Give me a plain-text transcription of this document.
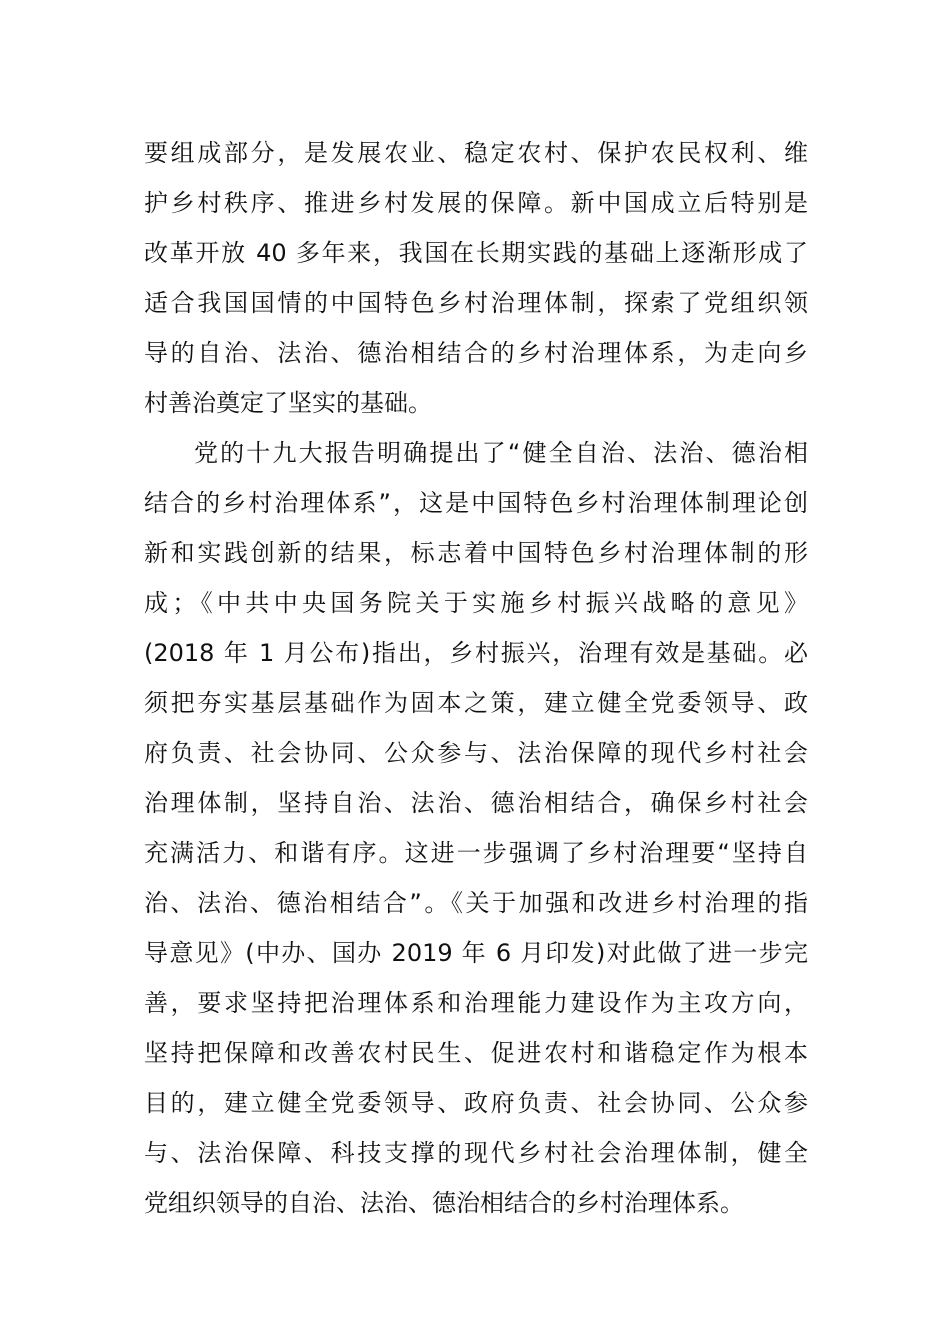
要组成部分，是发展农业、稳定农村、保护农民权利、维
护乡村秩序、推进乡村发展的保障。新中国成立后特别是
改革开放 40 多年来，我国在长期实践的基础上逐渐形成了
适合我国国情的中国特色乡村治理体制，探索了党组织领
导的自治、法治、德治相结合的乡村治理体系，为走向乡
村善治奠定了坚实的基础。
党的十九大报告明确提出了“健全自治、法治、德治相
结合的乡村治理体系”，这是中国特色乡村治理体制理论创
新和实践创新的结果，标志着中国特色乡村治理体制的形
成；《中共中央国务院关于实施乡村振兴战略的意见》
(2018 年 1 月公布)指出，乡村振兴，治理有效是基础。必
须把夯实基层基础作为固本之策，建立健全党委领导、政
府负责、社会协同、公众参与、法治保障的现代乡村社会
治理体制，坚持自治、法治、德治相结合，确保乡村社会
充满活力、和谐有序。这进一步强调了乡村治理要“坚持自
治、法治、德治相结合”。《关于加强和改进乡村治理的指
导意见》(中办、国办 2019 年 6 月印发)对此做了进一步完
善，要求坚持把治理体系和治理能力建设作为主攻方向，
坚持把保障和改善农村民生、促进农村和谐稳定作为根本
目的，建立健全党委领导、政府负责、社会协同、公众参
与、法治保障、科技支撑的现代乡村社会治理体制，健全
党组织领导的自治、法治、德治相结合的乡村治理体系。
